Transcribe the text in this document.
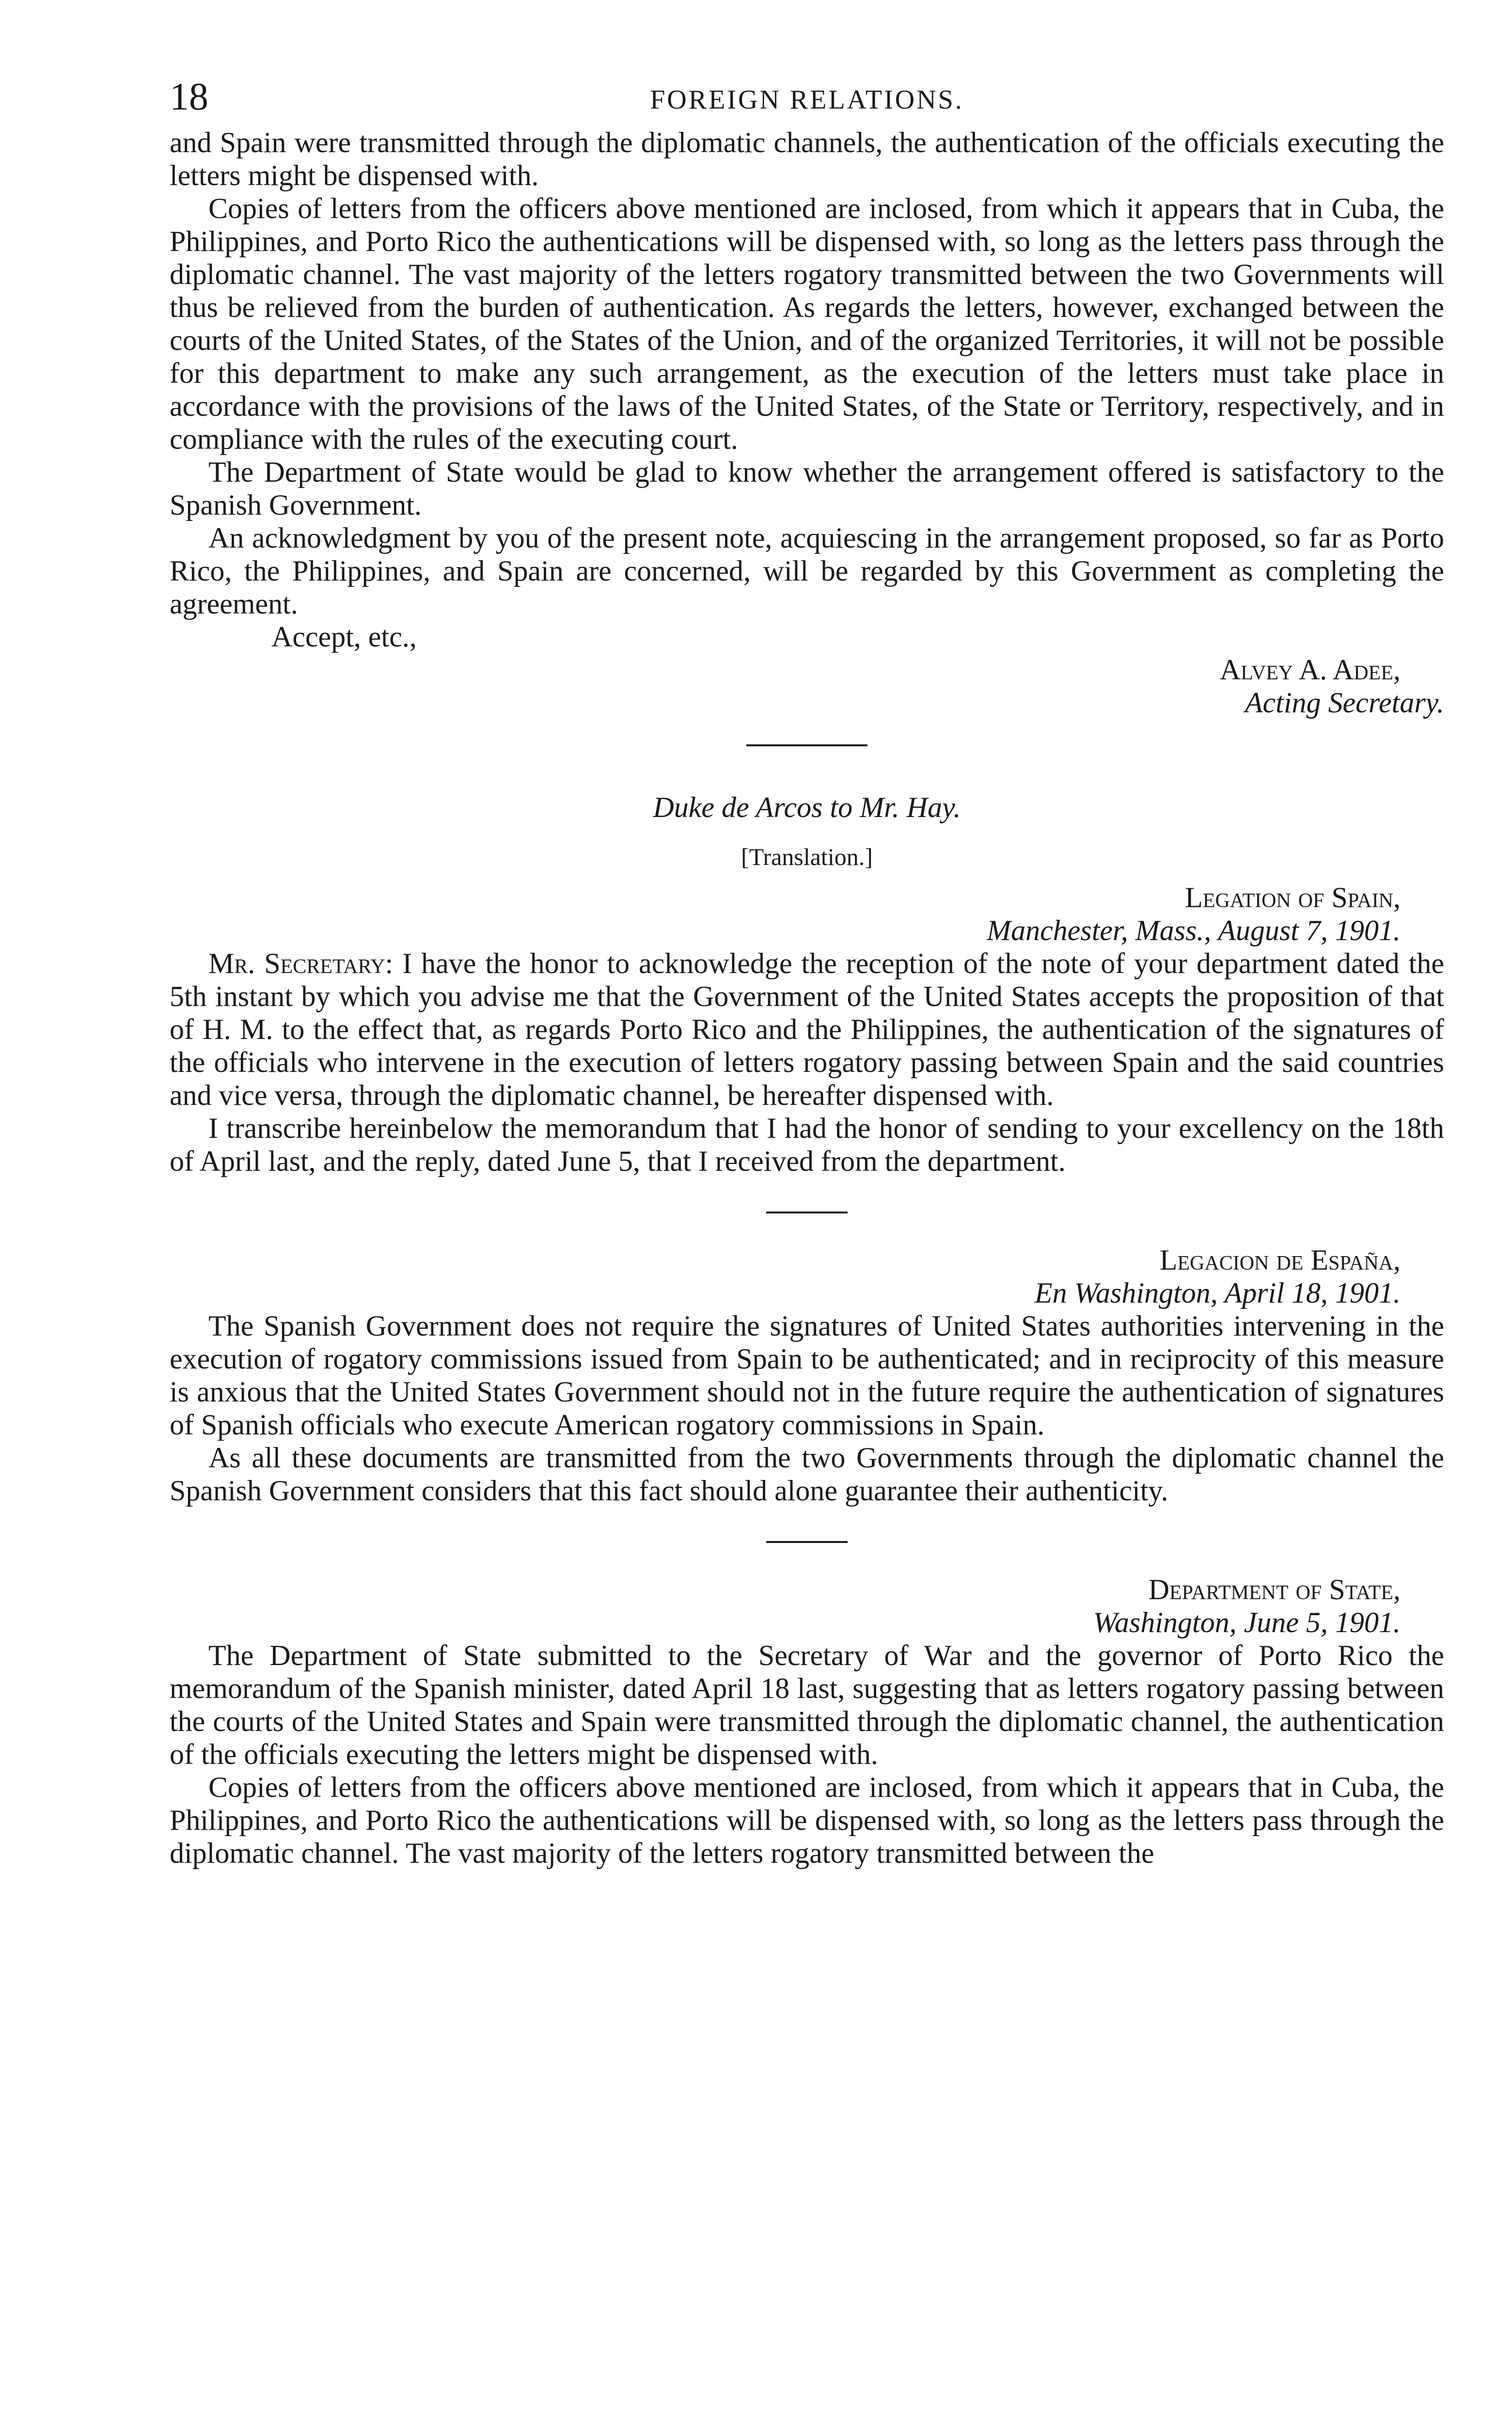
18	FOREIGN RELATIONS.

and Spain were transmitted through the diplomatic channels, the authentication of the officials executing the letters might be dispensed with.

Copies of letters from the officers above mentioned are inclosed, from which it appears that in Cuba, the Philippines, and Porto Rico the authentications will be dispensed with, so long as the letters pass through the diplomatic channel. The vast majority of the letters rogatory transmitted between the two Governments will thus be relieved from the burden of authentication. As regards the letters, however, exchanged between the courts of the United States, of the States of the Union, and of the organized Territories, it will not be possible for this department to make any such arrangement, as the execution of the letters must take place in accordance with the provisions of the laws of the United States, of the State or Territory, respectively, and in compliance with the rules of the executing court.

The Department of State would be glad to know whether the arrangement offered is satisfactory to the Spanish Government.

An acknowledgment by you of the present note, acquiescing in the arrangement proposed, so far as Porto Rico, the Philippines, and Spain are concerned, will be regarded by this Government as completing the agreement.

Accept, etc.,

Alvey A. Adee,

Acting Secretary.

Duke de Arcos to Mr. Hay.

[Translation.]

Legation of Spain,

Manchester, Mass., August 7, 1901.

Mr. Secretary: I have the honor to acknowledge the reception of the note of your department dated the 5th instant by which you advise me that the Government of the United States accepts the proposition of that of H. M. to the effect that, as regards Porto Rico and the Philippines, the authentication of the signatures of the officials who intervene in the execution of letters rogatory passing between Spain and the said countries and vice versa, through the diplomatic channel, be hereafter dispensed with.

I transcribe hereinbelow the memorandum that I had the honor of sending to your excellency on the 18th of April last, and the reply, dated June 5, that I received from the department.

Legacion de España,

En Washington, April 18, 1901.

The Spanish Government does not require the signatures of United States authorities intervening in the execution of rogatory commissions issued from Spain to be authenticated; and in reciprocity of this measure is anxious that the United States Government should not in the future require the authentication of signatures of Spanish officials who execute American rogatory commissions in Spain.

As all these documents are transmitted from the two Governments through the diplomatic channel the Spanish Government considers that this fact should alone guarantee their authenticity.

Department of State,

Washington, June 5, 1901.

The Department of State submitted to the Secretary of War and the governor of Porto Rico the memorandum of the Spanish minister, dated April 18 last, suggesting that as letters rogatory passing between the courts of the United States and Spain were transmitted through the diplomatic channel, the authentication of the officials executing the letters might be dispensed with.

Copies of letters from the officers above mentioned are inclosed, from which it appears that in Cuba, the Philippines, and Porto Rico the authentications will be dispensed with, so long as the letters pass through the diplomatic channel. The vast majority of the letters rogatory transmitted between the
